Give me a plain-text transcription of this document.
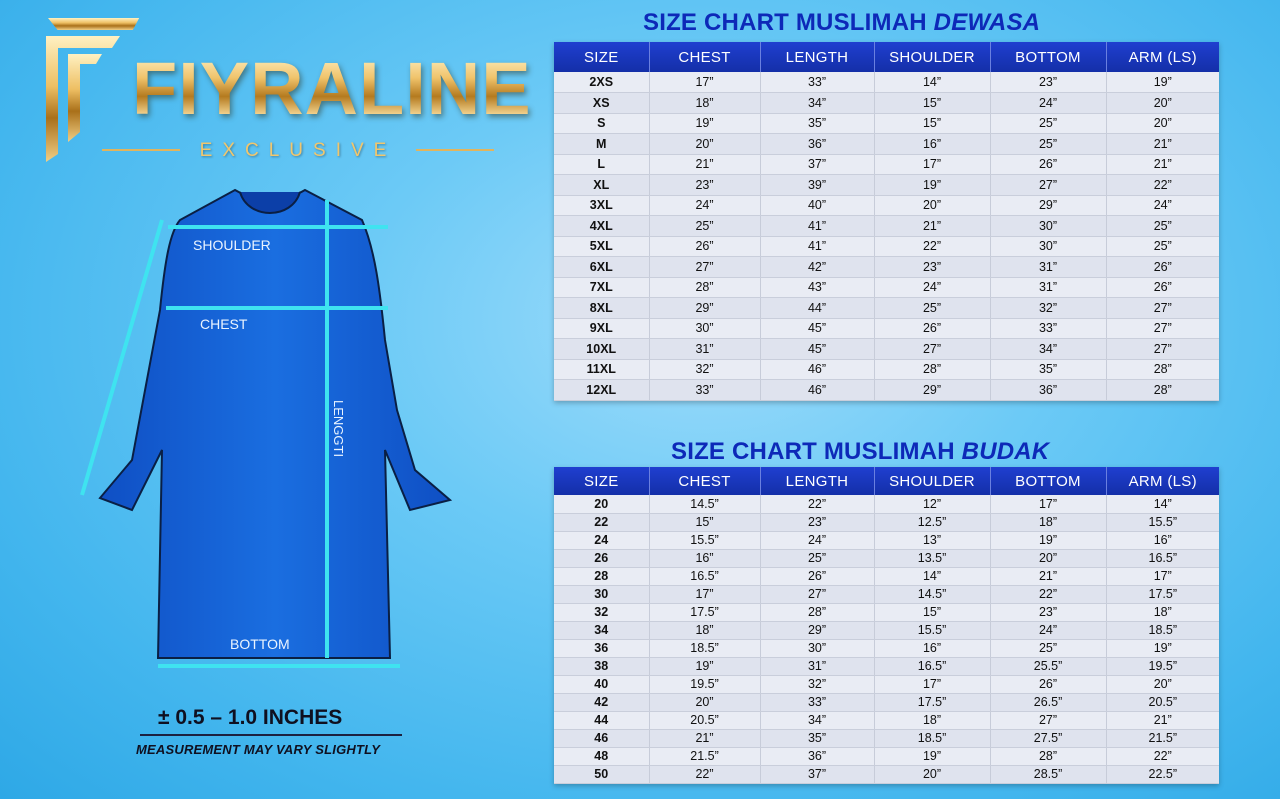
FIYRALINE
EXCLUSIVE
SHOULDER
CHEST
LENGGTI
BOTTOM
± 0.5 – 1.0 INCHES
MEASUREMENT MAY VARY SLIGHTLY
SIZE CHART MUSLIMAH DEWASA
SIZE	CHEST	LENGTH	SHOULDER	BOTTOM	ARM (LS)
2XS	17”	33”	14”	23”	19”
XS	18”	34”	15”	24”	20”
S	19”	35”	15”	25”	20”
M	20”	36”	16”	25”	21”
L	21”	37”	17”	26”	21”
XL	23”	39”	19”	27”	22”
3XL	24”	40”	20”	29”	24”
4XL	25”	41”	21”	30”	25”
5XL	26”	41”	22”	30”	25”
6XL	27”	42”	23”	31”	26”
7XL	28”	43”	24”	31”	26”
8XL	29”	44”	25”	32”	27”
9XL	30”	45”	26”	33”	27”
10XL	31”	45”	27”	34”	27”
11XL	32”	46”	28”	35”	28”
12XL	33”	46”	29”	36”	28”
SIZE CHART MUSLIMAH BUDAK
SIZE	CHEST	LENGTH	SHOULDER	BOTTOM	ARM (LS)
20	14.5”	22”	12”	17”	14”
22	15”	23”	12.5”	18”	15.5”
24	15.5”	24”	13”	19”	16”
26	16”	25”	13.5”	20”	16.5”
28	16.5”	26”	14”	21”	17”
30	17”	27”	14.5”	22”	17.5”
32	17.5”	28”	15”	23”	18”
34	18”	29”	15.5”	24”	18.5”
36	18.5”	30”	16”	25”	19”
38	19”	31”	16.5”	25.5”	19.5”
40	19.5”	32”	17”	26”	20”
42	20”	33”	17.5”	26.5”	20.5”
44	20.5”	34”	18”	27”	21”
46	21”	35”	18.5”	27.5”	21.5”
48	21.5”	36”	19”	28”	22”
50	22”	37”	20”	28.5”	22.5”
